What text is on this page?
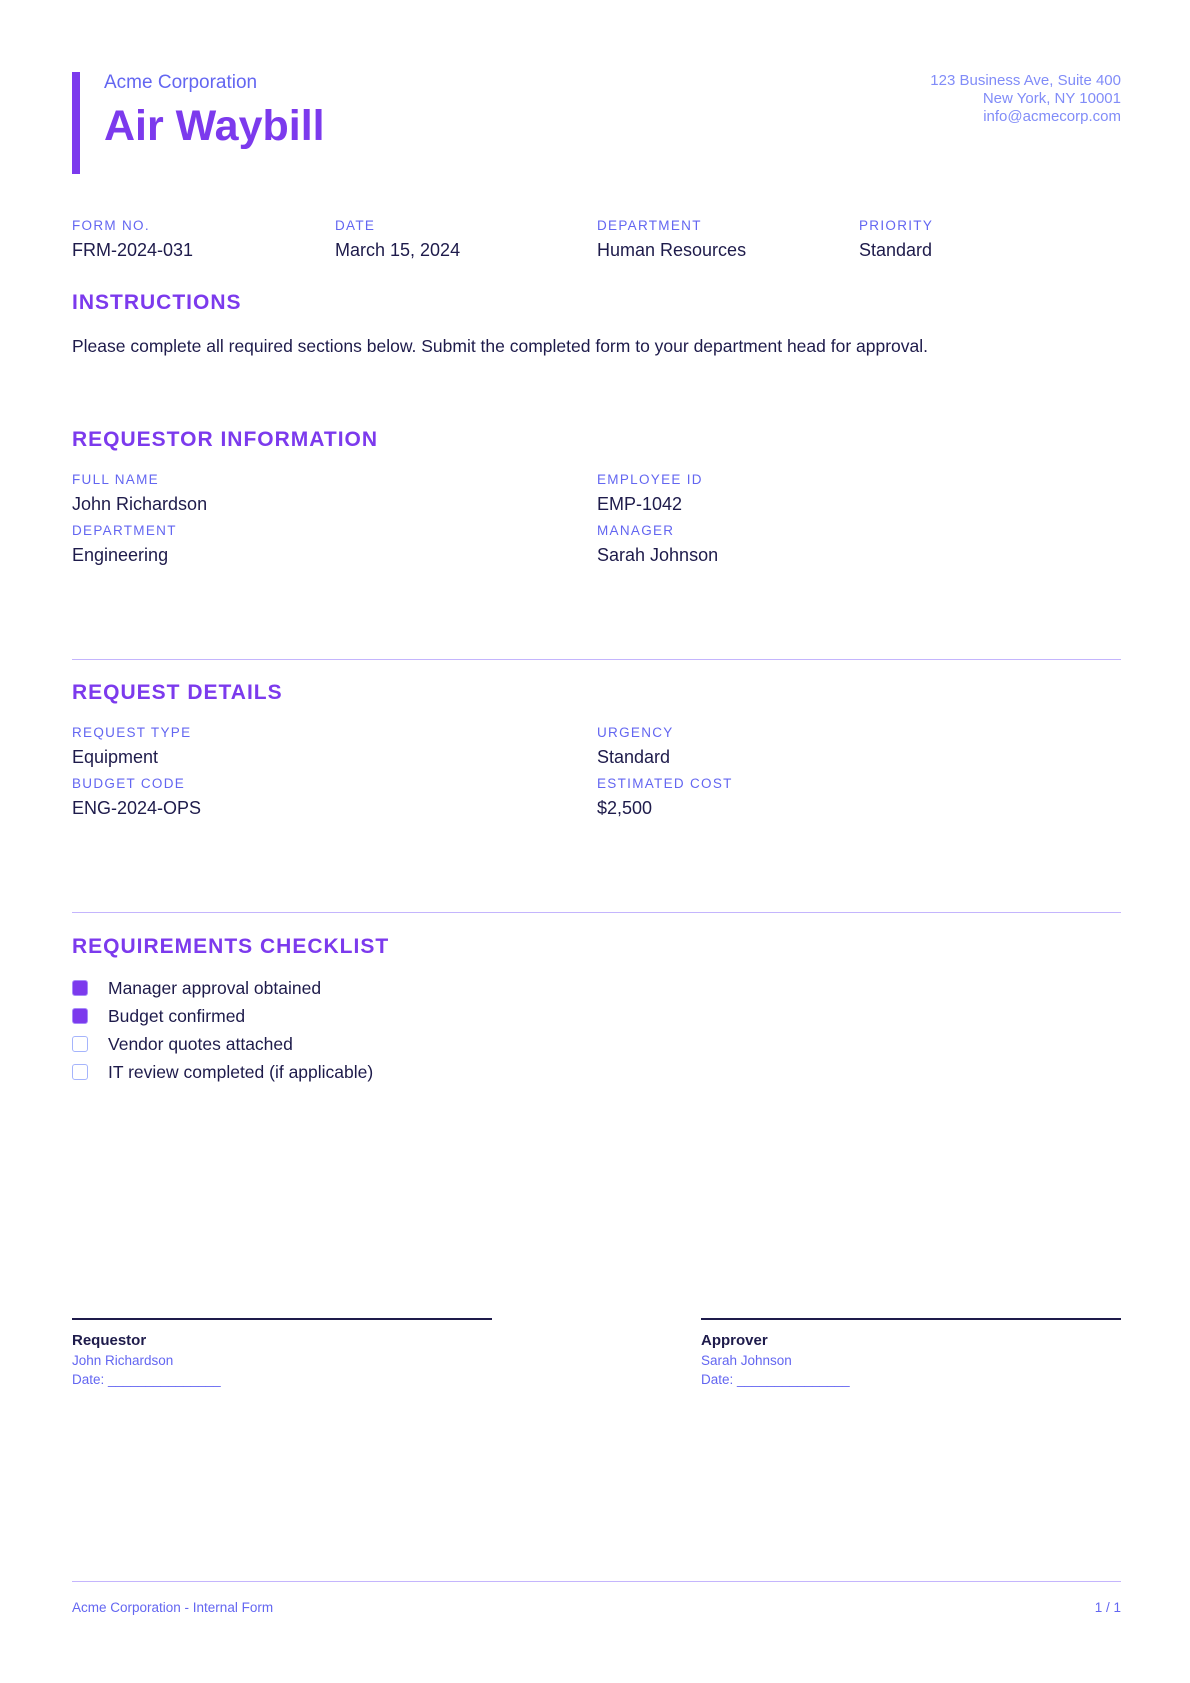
Acme Corporation
Air Waybill
123 Business Ave, Suite 400
New York, NY 10001
info@acmecorp.com
FORM NO.
FRM-2024-031
DATE
March 15, 2024
DEPARTMENT
Human Resources
PRIORITY
Standard
INSTRUCTIONS
Please complete all required sections below. Submit the completed form to your department head for approval.
REQUESTOR INFORMATION
FULL NAME
John Richardson
EMPLOYEE ID
EMP-1042
DEPARTMENT
Engineering
MANAGER
Sarah Johnson
REQUEST DETAILS
REQUEST TYPE
Equipment
URGENCY
Standard
BUDGET CODE
ENG-2024-OPS
ESTIMATED COST
$2,500
REQUIREMENTS CHECKLIST
Manager approval obtained
Budget confirmed
Vendor quotes attached
IT review completed (if applicable)
Requestor
John Richardson
Date: _______________
Approver
Sarah Johnson
Date: _______________
Acme Corporation - Internal Form	1 / 1
